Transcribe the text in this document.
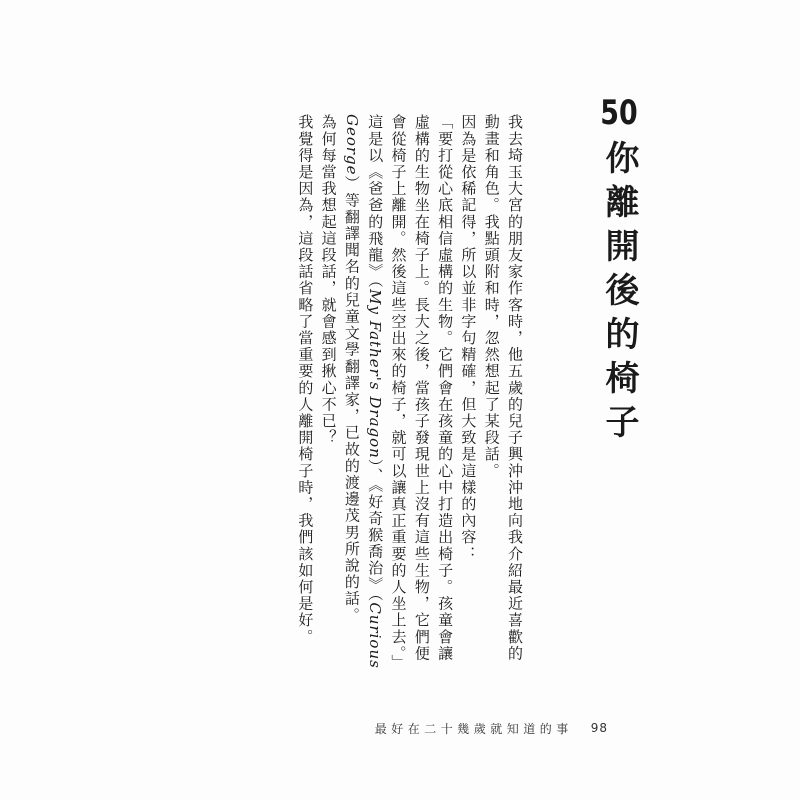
50你離開後的椅子

我去埼玉大宮的朋友家作客時，他五歲的兒子興沖沖地向我介紹最近喜歡的動畫和角色。我點頭附和時，忽然想起了某段話。

因為是依稀記得，所以並非字句精確，但大致是這樣的內容：

「要打從心底相信虛構的生物。它們會在孩童的心中打造出椅子。孩童會讓虛構的生物坐在椅子上。長大之後，當孩子發現世上沒有這些生物，它們便會從椅子上離開。然後這些空出來的椅子，就可以讓真正重要的人坐上去。」

這是以《爸爸的飛龍》（My Father's Dragon）、《好奇猴喬治》（Curious George）等翻譯聞名的兒童文學翻譯家，已故的渡邊茂男所說的話。

為何每當我想起這段話，就會感到揪心不已？

我覺得是因為，這段話省略了當重要的人離開椅子時，我們該如何是好。

最好在二十幾歲就知道的事 98
